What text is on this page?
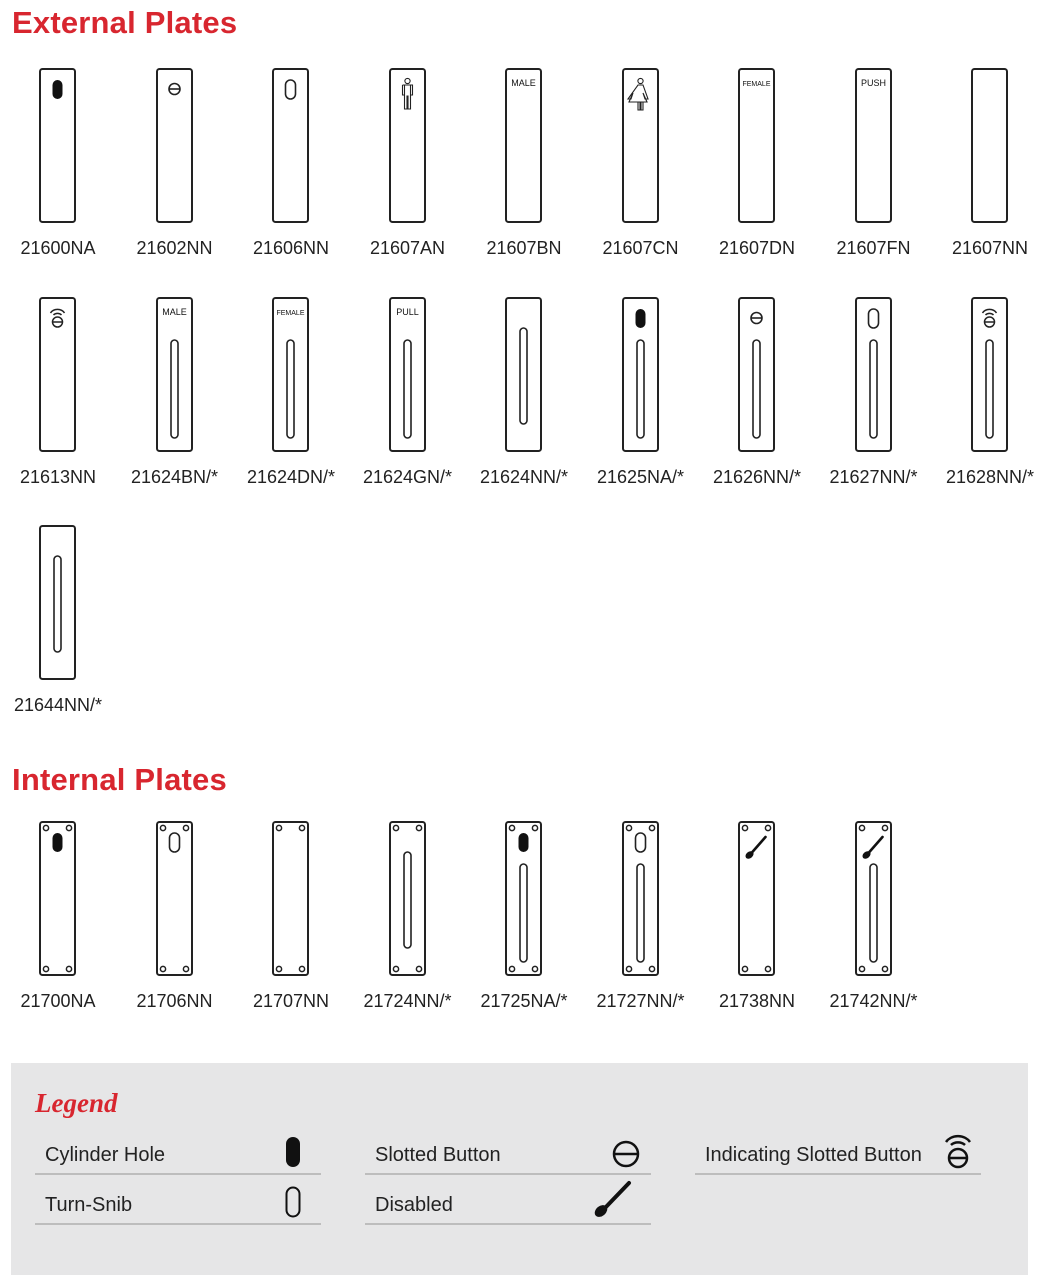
External Plates
21600NA	21602NN	21606NN	21607AN
MALE
21607BN	21607CN
FEMALE
21607DN
PUSH
21607FN	21607NN
21613NN
MALE
21624BN/*
FEMALE
21624DN/*
PULL
21624GN/*	21624NN/*	21625NA/*	21626NN/*	21627NN/*	21628NN/*
21644NN/*
Internal Plates
21700NA	21706NN	21707NN	21724NN/*	21725NA/*	21727NN/*	21738NN	21742NN/*
Legend
Cylinder Hole	Slotted Button	Indicating Slotted Button
Turn-Snib	Disabled
